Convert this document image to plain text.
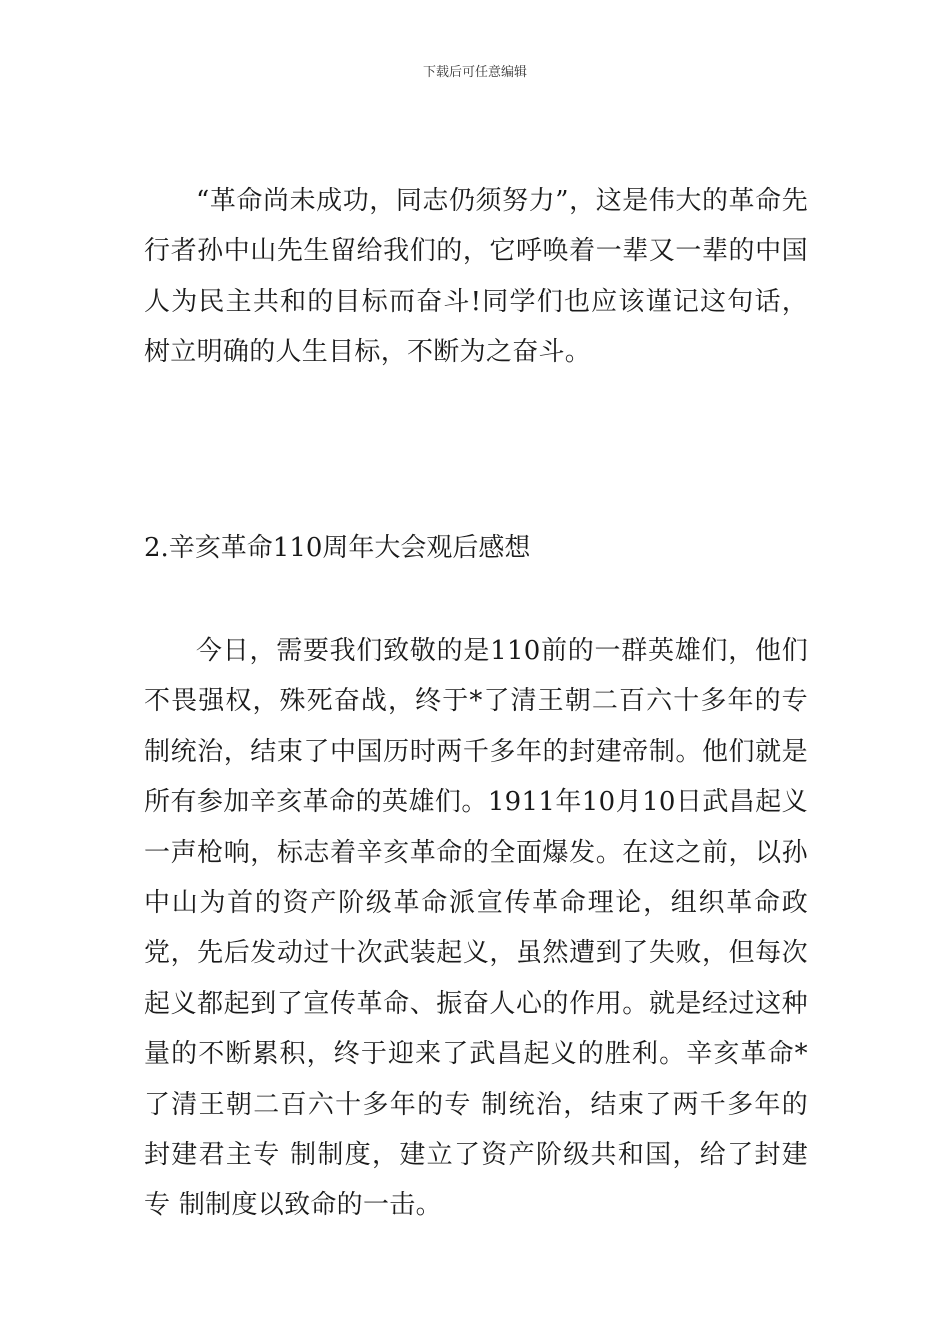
下载后可任意编辑

“革命尚未成功，同志仍须努力”，这是伟大的革命先行者孙中山先生留给我们的，它呼唤着一辈又一辈的中国人为民主共和的目标而奋斗!同学们也应该谨记这句话，树立明确的人生目标，不断为之奋斗。

2.辛亥革命110周年大会观后感想

今日，需要我们致敬的是110前的一群英雄们，他们不畏强权，殊死奋战，终于*了清王朝二百六十多年的专 制统治，结束了中国历时两千多年的封建帝制。他们就是所有参加辛亥革命的英雄们。1911年10月10日武昌起义一声枪响，标志着辛亥革命的全面爆发。在这之前，以孙中山为首的资产阶级革命派宣传革命理论，组织革命政党，先后发动过十次武装起义，虽然遭到了失败，但每次起义都起到了宣传革命、振奋人心的作用。就是经过这种量的不断累积，终于迎来了武昌起义的胜利。辛亥革命*了清王朝二百六十多年的专 制统治，结束了两千多年的封建君主专 制制度，建立了资产阶级共和国，给了封建专 制制度以致命的一击。
